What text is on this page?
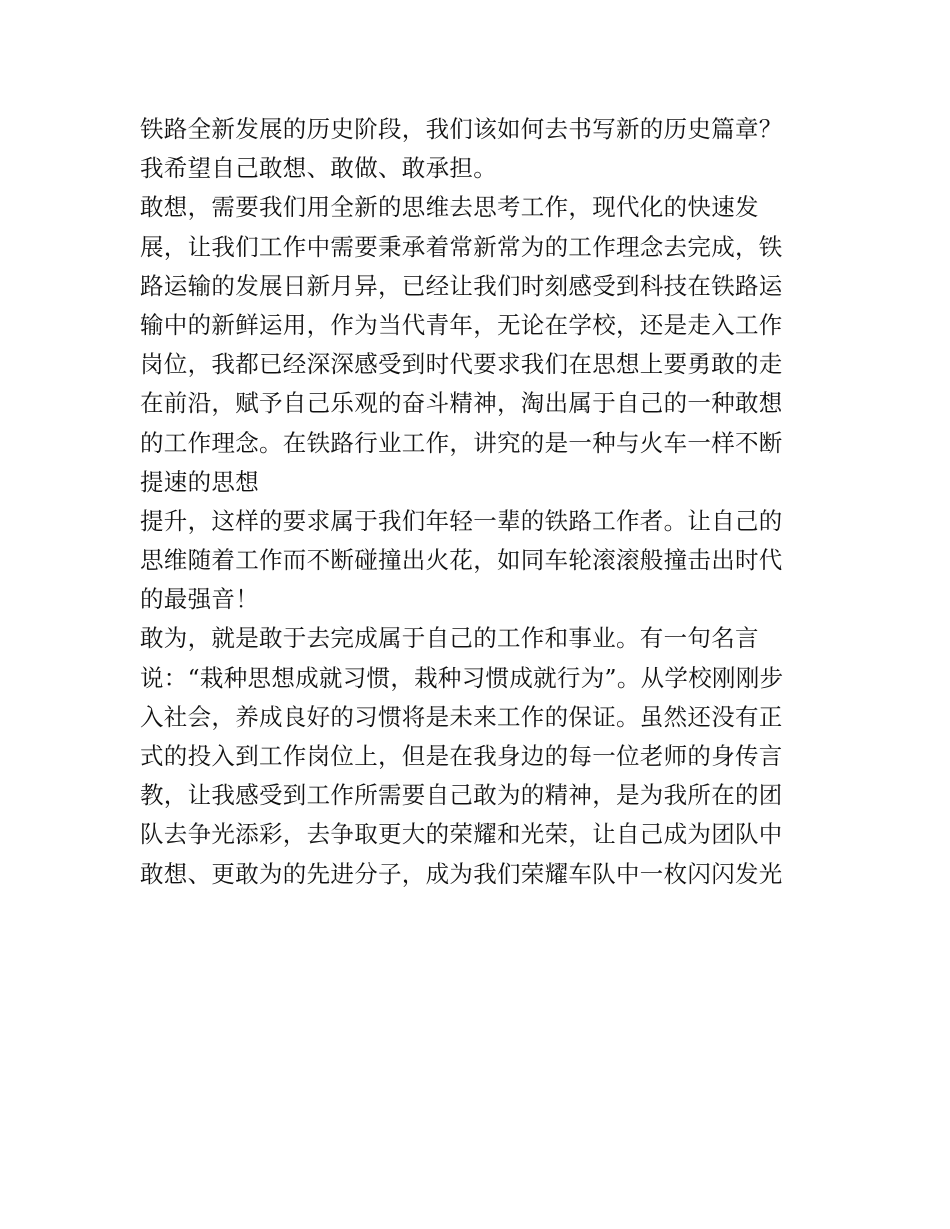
铁路全新发展的历史阶段，我们该如何去书写新的历史篇章？
我希望自己敢想、敢做、敢承担。
敢想，需要我们用全新的思维去思考工作，现代化的快速发
展，让我们工作中需要秉承着常新常为的工作理念去完成，铁
路运输的发展日新月异，已经让我们时刻感受到科技在铁路运
输中的新鲜运用，作为当代青年，无论在学校，还是走入工作
岗位，我都已经深深感受到时代要求我们在思想上要勇敢的走
在前沿，赋予自己乐观的奋斗精神，淘出属于自己的一种敢想
的工作理念。在铁路行业工作，讲究的是一种与火车一样不断
提速的思想
提升，这样的要求属于我们年轻一辈的铁路工作者。让自己的
思维随着工作而不断碰撞出火花，如同车轮滚滚般撞击出时代
的最强音！
敢为，就是敢于去完成属于自己的工作和事业。有一句名言
说：“栽种思想成就习惯，栽种习惯成就行为”。从学校刚刚步
入社会，养成良好的习惯将是未来工作的保证。虽然还没有正
式的投入到工作岗位上，但是在我身边的每一位老师的身传言
教，让我感受到工作所需要自己敢为的精神，是为我所在的团
队去争光添彩，去争取更大的荣耀和光荣，让自己成为团队中
敢想、更敢为的先进分子，成为我们荣耀车队中一枚闪闪发光
